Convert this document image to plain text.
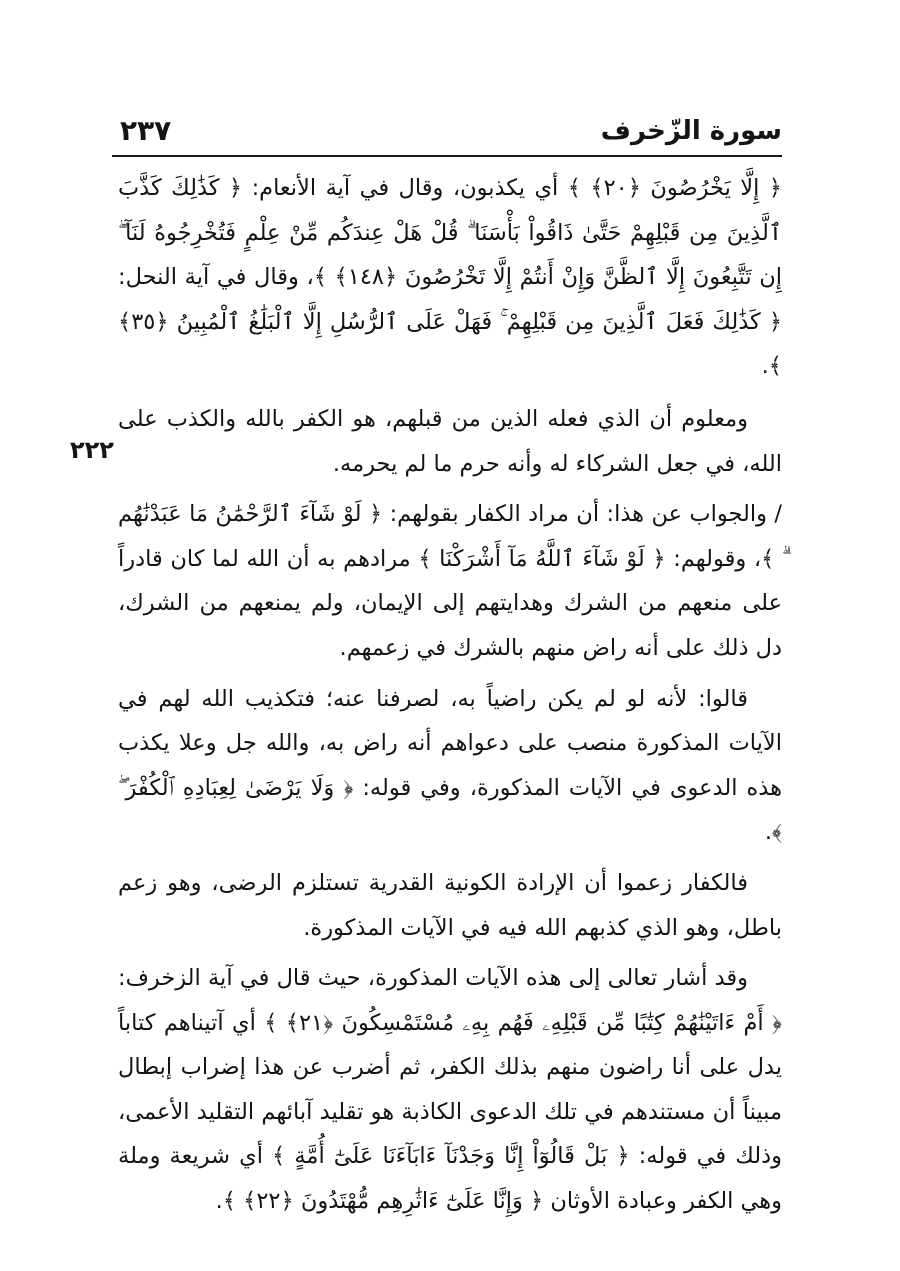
سورة الزّخرف
٢٣٧
٢٢٢

﴿ إِلَّا يَخْرُصُونَ ﴿٢٠﴾ ﴾ أي يكذبون، وقال في آية الأنعام: ﴿ كَذَٰلِكَ كَذَّبَ ٱلَّذِينَ مِن قَبْلِهِمْ حَتَّىٰ ذَاقُواْ بَأْسَنَا ۗ قُلْ هَلْ عِندَكُم مِّنْ عِلْمٍ فَتُخْرِجُوهُ لَنَآ ۖ إِن تَتَّبِعُونَ إِلَّا ٱلظَّنَّ وَإِنْ أَنتُمْ إِلَّا تَخْرُصُونَ ﴿١٤٨﴾ ﴾، وقال في آية النحل: ﴿ كَذَٰلِكَ فَعَلَ ٱلَّذِينَ مِن قَبْلِهِمْ ۚ فَهَلْ عَلَى ٱلرُّسُلِ إِلَّا ٱلْبَلَٰغُ ٱلْمُبِينُ ﴿٣٥﴾ ﴾.

ومعلوم أن الذي فعله الذين من قبلهم، هو الكفر بالله والكذب على الله، في جعل الشركاء له وأنه حرم ما لم يحرمه.

/ والجواب عن هذا: أن مراد الكفار بقولهم: ﴿ لَوْ شَآءَ ٱلرَّحْمَٰنُ مَا عَبَدْنَٰهُم ۗ ﴾، وقولهم: ﴿ لَوْ شَآءَ ٱللَّهُ مَآ أَشْرَكْنَا ﴾ مرادهم به أن الله لما كان قادراً على منعهم من الشرك وهدايتهم إلى الإيمان، ولم يمنعهم من الشرك، دل ذلك على أنه راض منهم بالشرك في زعمهم.

قالوا: لأنه لو لم يكن راضياً به، لصرفنا عنه؛ فتكذيب الله لهم في الآيات المذكورة منصب على دعواهم أنه راض به، والله جل وعلا يكذب هذه الدعوى في الآيات المذكورة، وفي قوله: ﴿ وَلَا يَرْضَىٰ لِعِبَادِهِ ٱلْكُفْرَ ۖ ﴾.

فالكفار زعموا أن الإرادة الكونية القدرية تستلزم الرضى، وهو زعم باطل، وهو الذي كذبهم الله فيه في الآيات المذكورة.

وقد أشار تعالى إلى هذه الآيات المذكورة، حيث قال في آية الزخرف: ﴿ أَمْ ءَاتَيْنَٰهُمْ كِتَٰبًا مِّن قَبْلِهِۦ فَهُم بِهِۦ مُسْتَمْسِكُونَ ﴿٢١﴾ ﴾ أي آتيناهم كتاباً يدل على أنا راضون منهم بذلك الكفر، ثم أضرب عن هذا إضراب إبطال مبيناً أن مستندهم في تلك الدعوى الكاذبة هو تقليد آبائهم التقليد الأعمى، وذلك في قوله: ﴿ بَلْ قَالُوٓاْ إِنَّا وَجَدْنَآ ءَابَآءَنَا عَلَىٰٓ أُمَّةٍ ﴾ أي شريعة وملة وهي الكفر وعبادة الأوثان ﴿ وَإِنَّا عَلَىٰٓ ءَاثَٰرِهِم مُّهْتَدُونَ ﴿٢٢﴾ ﴾.
